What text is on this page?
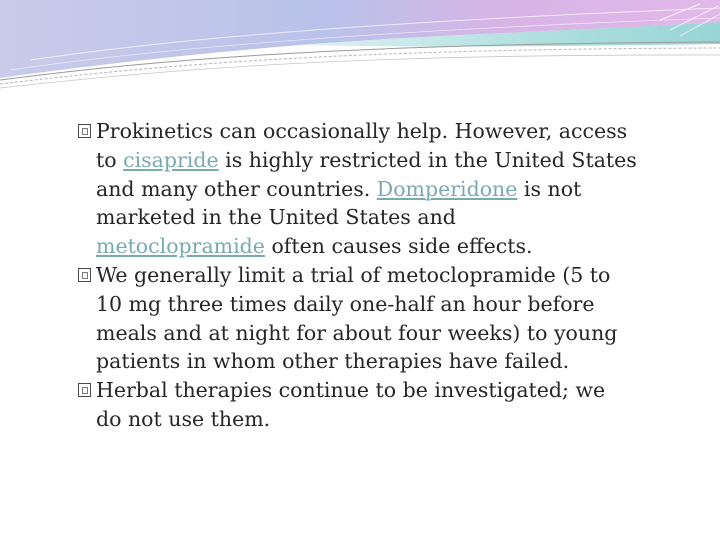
Prokinetics can occasionally help. However, access
to cisapride is highly restricted in the United States
and many other countries. Domperidone is not
marketed in the United States and
metoclopramide often causes side effects.
We generally limit a trial of metoclopramide (5 to
10 mg three times daily one-half an hour before
meals and at night for about four weeks) to young
patients in whom other therapies have failed.
Herbal therapies continue to be investigated; we
do not use them.
